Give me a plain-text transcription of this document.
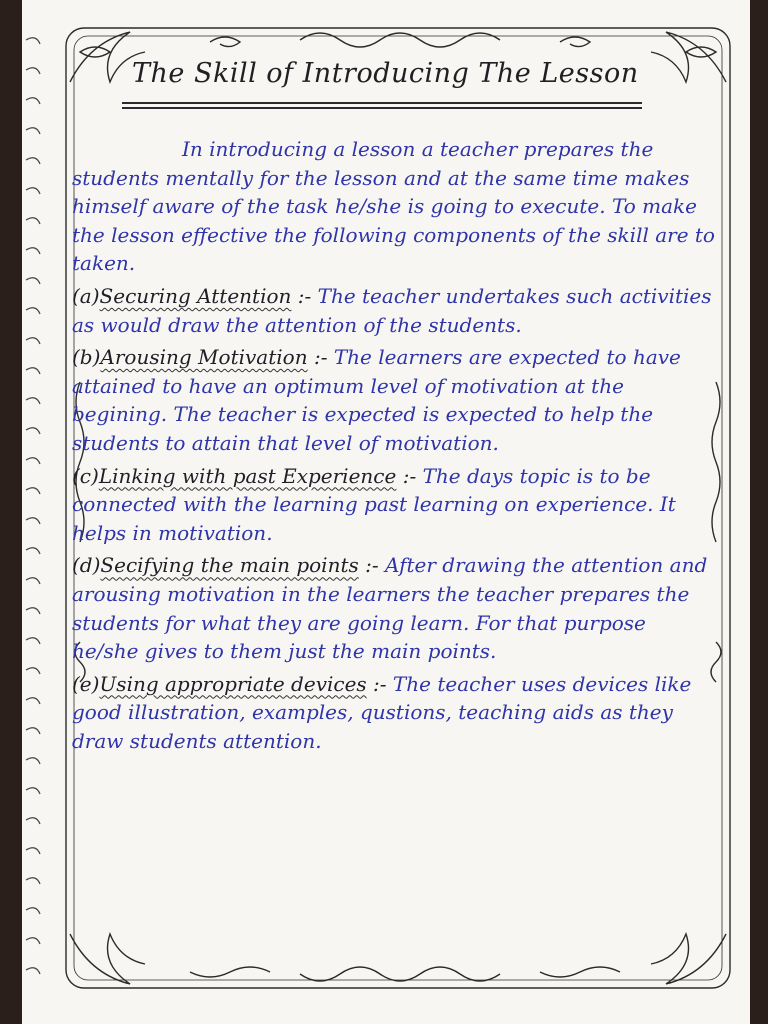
The Skill of Introducing The Lesson

In introducing a lesson a teacher prepares the students mentally for the lesson and at the same time makes himself aware of the task he/she is going to execute. To make the lesson effective the following components of the skill are to taken.

(a)Securing Attention :- The teacher undertakes such activities as would draw the attention of the students.

(b)Arousing Motivation :- The learners are expected to have attained to have an optimum level of motivation at the begining. The teacher is expected is expected to help the students to attain that level of motivation.

(c)Linking with past Experience :- The days topic is to be connected with the learning past learning on experience. It helps in motivation.

(d)Secifying the main points :- After drawing the attention and arousing motivation in the learners the teacher prepares the students for what they are going learn. For that purpose he/she gives to them just the main points.

(e)Using appropriate devices :- The teacher uses devices like good illustration, examples, qustions, teaching aids as they draw students attention.
